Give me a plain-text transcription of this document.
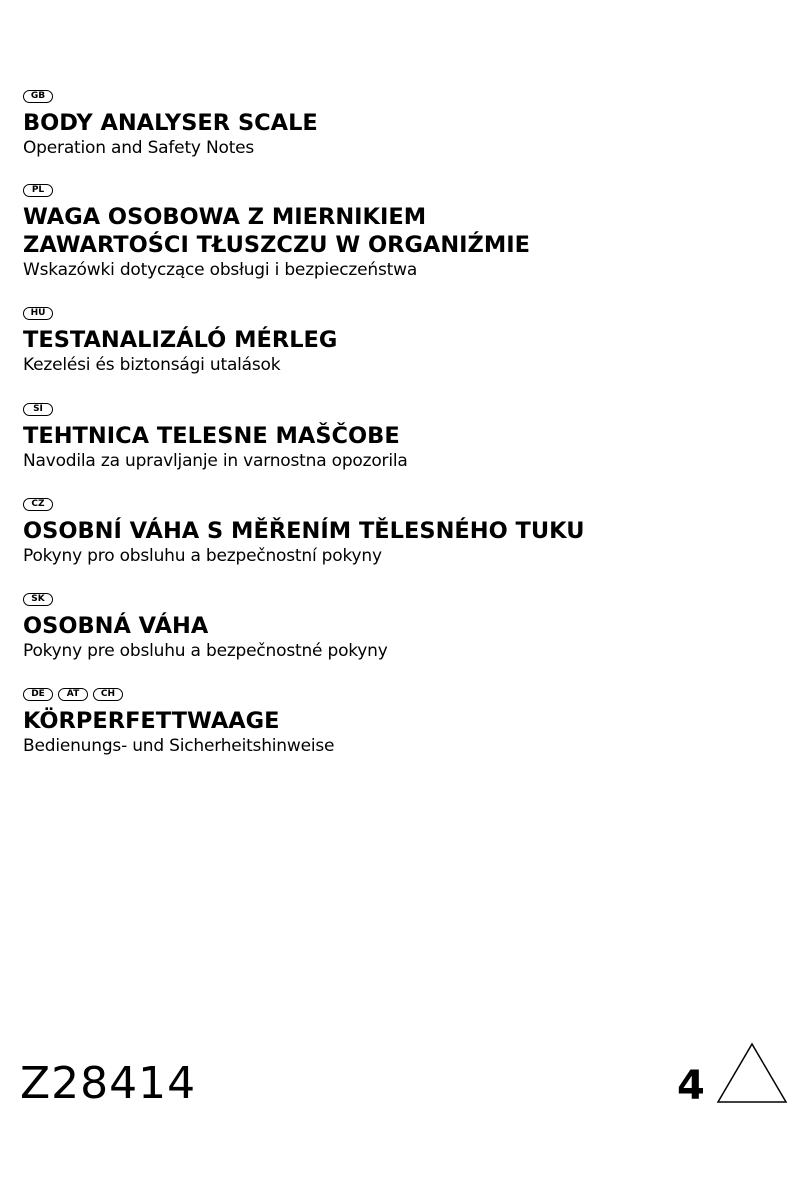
GB
BODY ANALYSER SCALE
Operation and Safety Notes
PL
WAGA OSOBOWA Z MIERNIKIEM
ZAWARTOŚCI TŁUSZCZU W ORGANIŹMIE
Wskazówki dotyczące obsługi i bezpieczeństwa
HU
TESTANALIZÁLÓ MÉRLEG
Kezelési és biztonsági utalások
SI
TEHTNICA TELESNE MAŠČOBE
Navodila za upravljanje in varnostna opozorila
CZ
OSOBNÍ VÁHA S MĚŘENÍM TĚLESNÉHO TUKU
Pokyny pro obsluhu a bezpečnostní pokyny
SK
OSOBNÁ VÁHA
Pokyny pre obsluhu a bezpečnostné pokyny
DE	AT	CH
KÖRPERFETTWAAGE
Bedienungs- und Sicherheitshinweise
Z28414	4
